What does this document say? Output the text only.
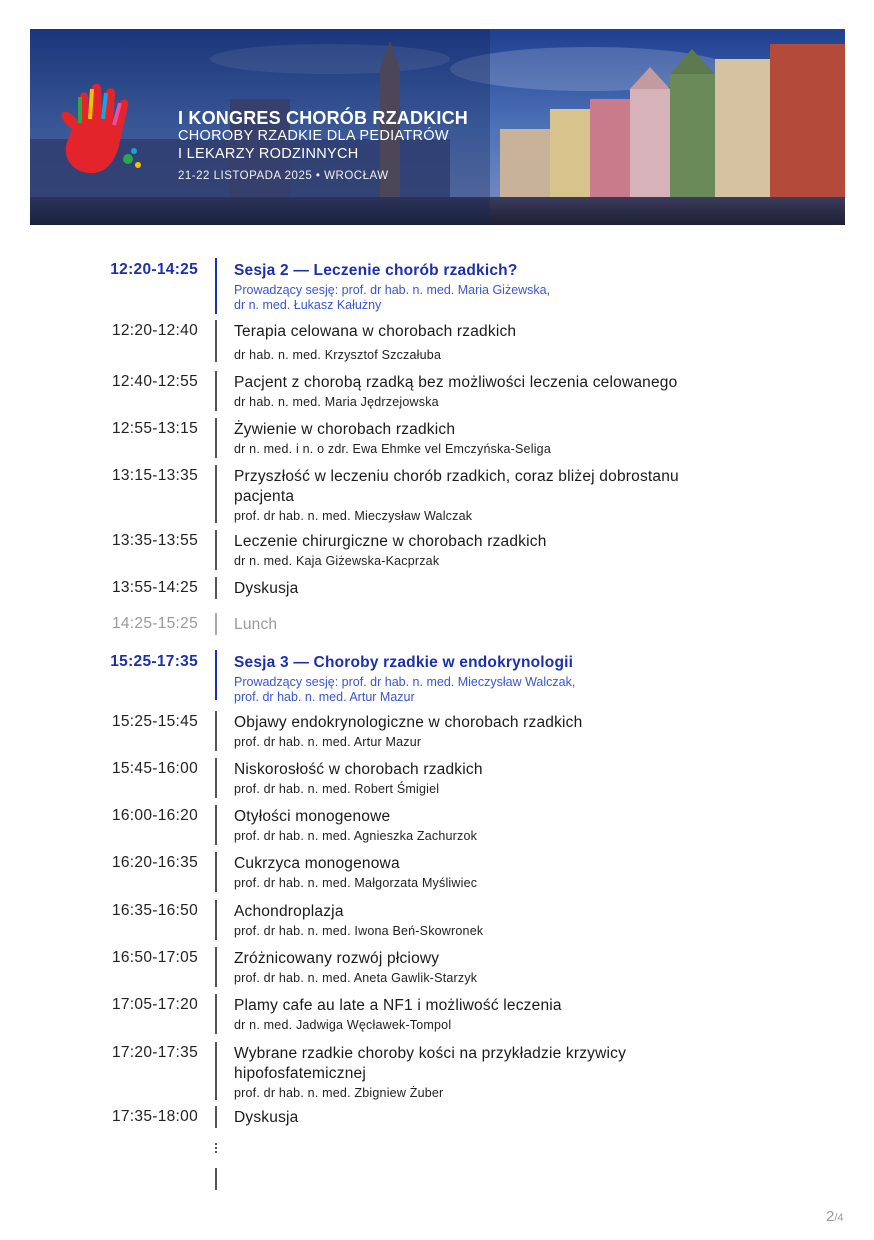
I KONGRES CHORÓB RZADKICH
CHOROBY RZADKIE DLA PEDIATRÓW
I LEKARZY RODZINNYCH
21-22 LISTOPADA 2025 • WROCŁAW
12:20-14:25 Sesja 2 — Leczenie chorób rzadkich?
Prowadzący sesję: prof. dr hab. n. med. Maria Giżewska,
dr n. med. Łukasz Kałużny
12:20-12:40 Terapia celowana w chorobach rzadkich
dr hab. n. med. Krzysztof Szczałuba
12:40-12:55 Pacjent z chorobą rzadką bez możliwości leczenia celowanego
dr hab. n. med. Maria Jędrzejowska
12:55-13:15 Żywienie w chorobach rzadkich
dr n. med. i n. o zdr. Ewa Ehmke vel Emczyńska-Seliga
13:15-13:35 Przyszłość w leczeniu chorób rzadkich, coraz bliżej dobrostanu
pacjenta
prof. dr hab. n. med. Mieczysław Walczak
13:35-13:55 Leczenie chirurgiczne w chorobach rzadkich
dr n. med. Kaja Giżewska-Kacprzak
13:55-14:25 Dyskusja
14:25-15:25 Lunch
15:25-17:35 Sesja 3 — Choroby rzadkie w endokrynologii
Prowadzący sesję: prof. dr hab. n. med. Mieczysław Walczak,
prof. dr hab. n. med. Artur Mazur
15:25-15:45 Objawy endokrynologiczne w chorobach rzadkich
prof. dr hab. n. med. Artur Mazur
15:45-16:00 Niskorosłość w chorobach rzadkich
prof. dr hab. n. med. Robert Śmigiel
16:00-16:20 Otyłości monogenowe
prof. dr hab. n. med. Agnieszka Zachurzok
16:20-16:35 Cukrzyca monogenowa
prof. dr hab. n. med. Małgorzata Myśliwiec
16:35-16:50 Achondroplazja
prof. dr hab. n. med. Iwona Beń-Skowronek
16:50-17:05 Zróżnicowany rozwój płciowy
prof. dr hab. n. med. Aneta Gawlik-Starzyk
17:05-17:20 Plamy cafe au late a NF1 i możliwość leczenia
dr n. med. Jadwiga Węcławek-Tompol
17:20-17:35 Wybrane rzadkie choroby kości na przykładzie krzywicy
hipofosfatemicznej
prof. dr hab. n. med. Zbigniew Żuber
17:35-18:00 Dyskusja
2/4
